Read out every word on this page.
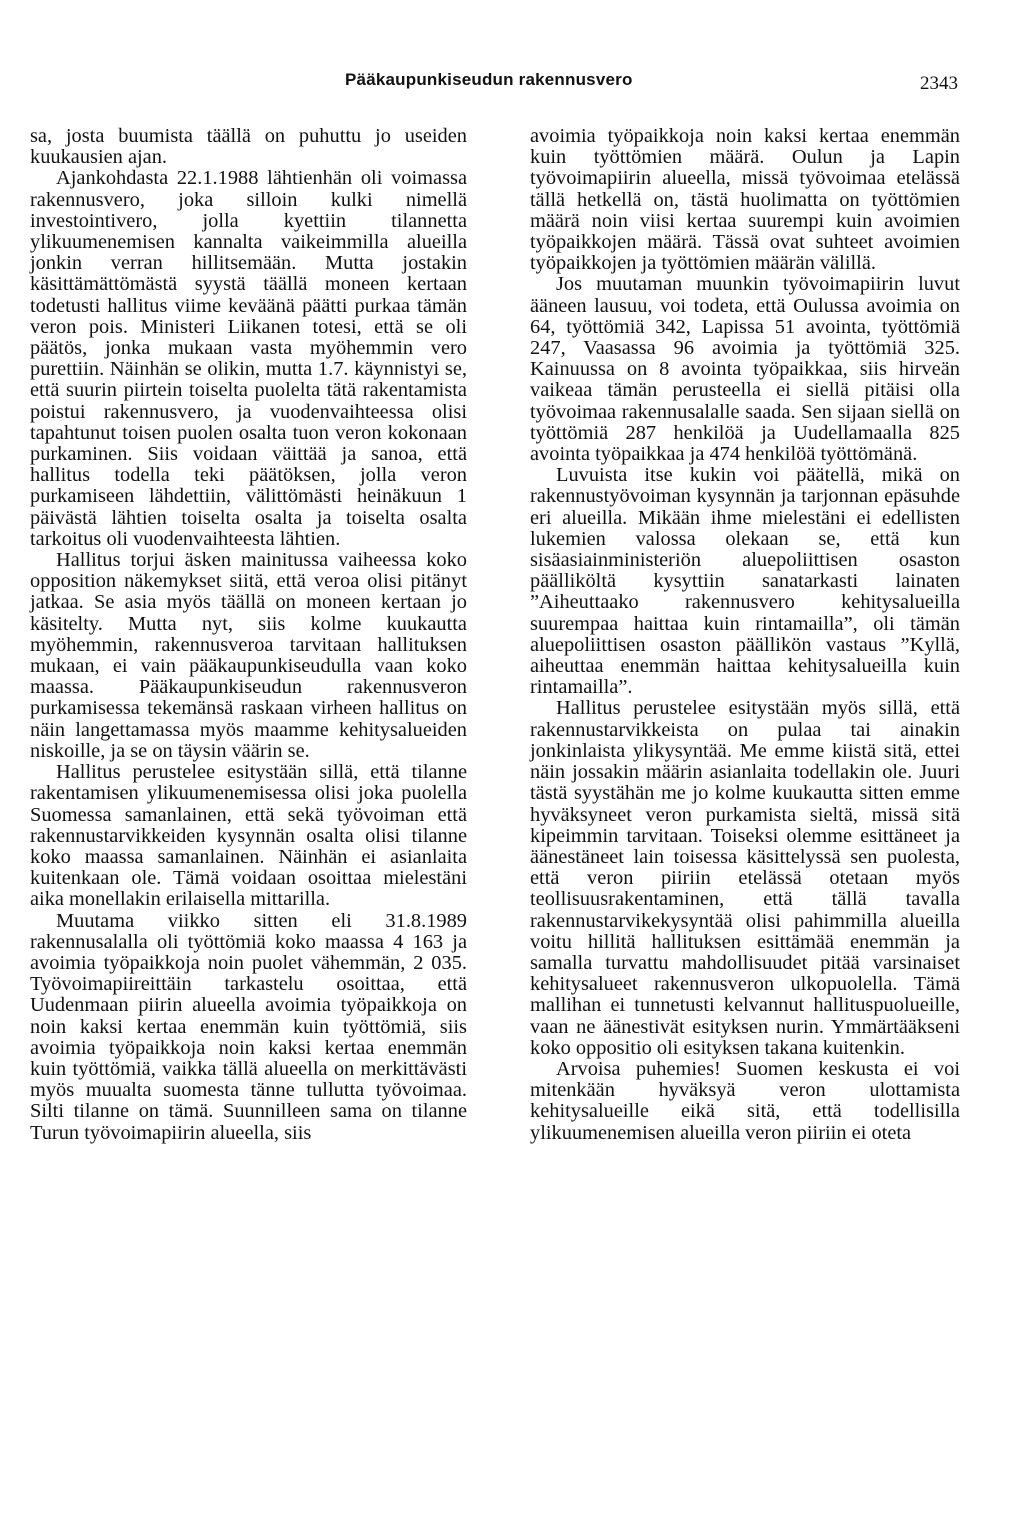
Pääkaupunkiseudun rakennusvero	2343

sa, josta buumista täällä on puhuttu jo useiden kuukausien ajan.

Ajankohdasta 22.1.1988 lähtienhän oli voimassa rakennusvero, joka silloin kulki nimellä investointivero, jolla kyettiin tilannetta ylikuumenemisen kannalta vaikeimmilla alueilla jonkin verran hillitsemään. Mutta jostakin käsittämättömästä syystä täällä moneen kertaan todetusti hallitus viime keväänä päätti purkaa tämän veron pois. Ministeri Liikanen totesi, että se oli päätös, jonka mukaan vasta myöhemmin vero purettiin. Näinhän se olikin, mutta 1.7. käynnistyi se, että suurin piirtein toiselta puolelta tätä rakentamista poistui rakennusvero, ja vuodenvaihteessa olisi tapahtunut toisen puolen osalta tuon veron kokonaan purkaminen. Siis voidaan väittää ja sanoa, että hallitus todella teki päätöksen, jolla veron purkamiseen lähdettiin, välittömästi heinäkuun 1 päivästä lähtien toiselta osalta ja toiselta osalta tarkoitus oli vuodenvaihteesta lähtien.

Hallitus torjui äsken mainitussa vaiheessa koko opposition näkemykset siitä, että veroa olisi pitänyt jatkaa. Se asia myös täällä on moneen kertaan jo käsitelty. Mutta nyt, siis kolme kuukautta myöhemmin, rakennusveroa tarvitaan hallituksen mukaan, ei vain pääkaupunkiseudulla vaan koko maassa. Pääkaupunkiseudun rakennusveron purkamisessa tekemänsä raskaan virheen hallitus on näin langettamassa myös maamme kehitysalueiden niskoille, ja se on täysin väärin se.

Hallitus perustelee esitystään sillä, että tilanne rakentamisen ylikuumenemisessa olisi joka puolella Suomessa samanlainen, että sekä työvoiman että rakennustarvikkeiden kysynnän osalta olisi tilanne koko maassa samanlainen. Näinhän ei asianlaita kuitenkaan ole. Tämä voidaan osoittaa mielestäni aika monellakin erilaisella mittarilla.

Muutama viikko sitten eli 31.8.1989 rakennusalalla oli työttömiä koko maassa 4 163 ja avoimia työpaikkoja noin puolet vähemmän, 2 035. Työvoimapiireittäin tarkastelu osoittaa, että Uudenmaan piirin alueella avoimia työpaikkoja on noin kaksi kertaa enemmän kuin työttömiä, siis avoimia työpaikkoja noin kaksi kertaa enemmän kuin työttömiä, vaikka tällä alueella on merkittävästi myös muualta suomesta tänne tullutta työvoimaa. Silti tilanne on tämä. Suunnilleen sama on tilanne Turun työvoimapiirin alueella, siis

avoimia työpaikkoja noin kaksi kertaa enemmän kuin työttömien määrä. Oulun ja Lapin työvoimapiirin alueella, missä työvoimaa etelässä tällä hetkellä on, tästä huolimatta on työttömien määrä noin viisi kertaa suurempi kuin avoimien työpaikkojen määrä. Tässä ovat suhteet avoimien työpaikkojen ja työttömien määrän välillä.

Jos muutaman muunkin työvoimapiirin luvut ääneen lausuu, voi todeta, että Oulussa avoimia on 64, työttömiä 342, Lapissa 51 avointa, työttömiä 247, Vaasassa 96 avoimia ja työttömiä 325. Kainuussa on 8 avointa työpaikkaa, siis hirveän vaikeaa tämän perusteella ei siellä pitäisi olla työvoimaa rakennusalalle saada. Sen sijaan siellä on työttömiä 287 henkilöä ja Uudellamaalla 825 avointa työpaikkaa ja 474 henkilöä työttömänä.

Luvuista itse kukin voi päätellä, mikä on rakennustyövoiman kysynnän ja tarjonnan epäsuhde eri alueilla. Mikään ihme mielestäni ei edellisten lukemien valossa olekaan se, että kun sisäasiainministeriön aluepoliittisen osaston päälliköltä kysyttiin sanatarkasti lainaten ”Aiheuttaako rakennusvero kehitysalueilla suurempaa haittaa kuin rintamailla”, oli tämän aluepoliittisen osaston päällikön vastaus ”Kyllä, aiheuttaa enemmän haittaa kehitysalueilla kuin rintamailla”.

Hallitus perustelee esitystään myös sillä, että rakennustarvikkeista on pulaa tai ainakin jonkinlaista ylikysyntää. Me emme kiistä sitä, ettei näin jossakin määrin asianlaita todellakin ole. Juuri tästä syystähän me jo kolme kuukautta sitten emme hyväksyneet veron purkamista sieltä, missä sitä kipeimmin tarvitaan. Toiseksi olemme esittäneet ja äänestäneet lain toisessa käsittelyssä sen puolesta, että veron piiriin etelässä otetaan myös teollisuusrakentaminen, että tällä tavalla rakennustarvikekysyntää olisi pahimmilla alueilla voitu hillitä hallituksen esittämää enemmän ja samalla turvattu mahdollisuudet pitää varsinaiset kehitysalueet rakennusveron ulkopuolella. Tämä mallihan ei tunnetusti kelvannut hallituspuolueille, vaan ne äänestivät esityksen nurin. Ymmärtääkseni koko oppositio oli esityksen takana kuitenkin.

Arvoisa puhemies! Suomen keskusta ei voi mitenkään hyväksyä veron ulottamista kehitysalueille eikä sitä, että todellisilla ylikuumenemisen alueilla veron piiriin ei oteta
